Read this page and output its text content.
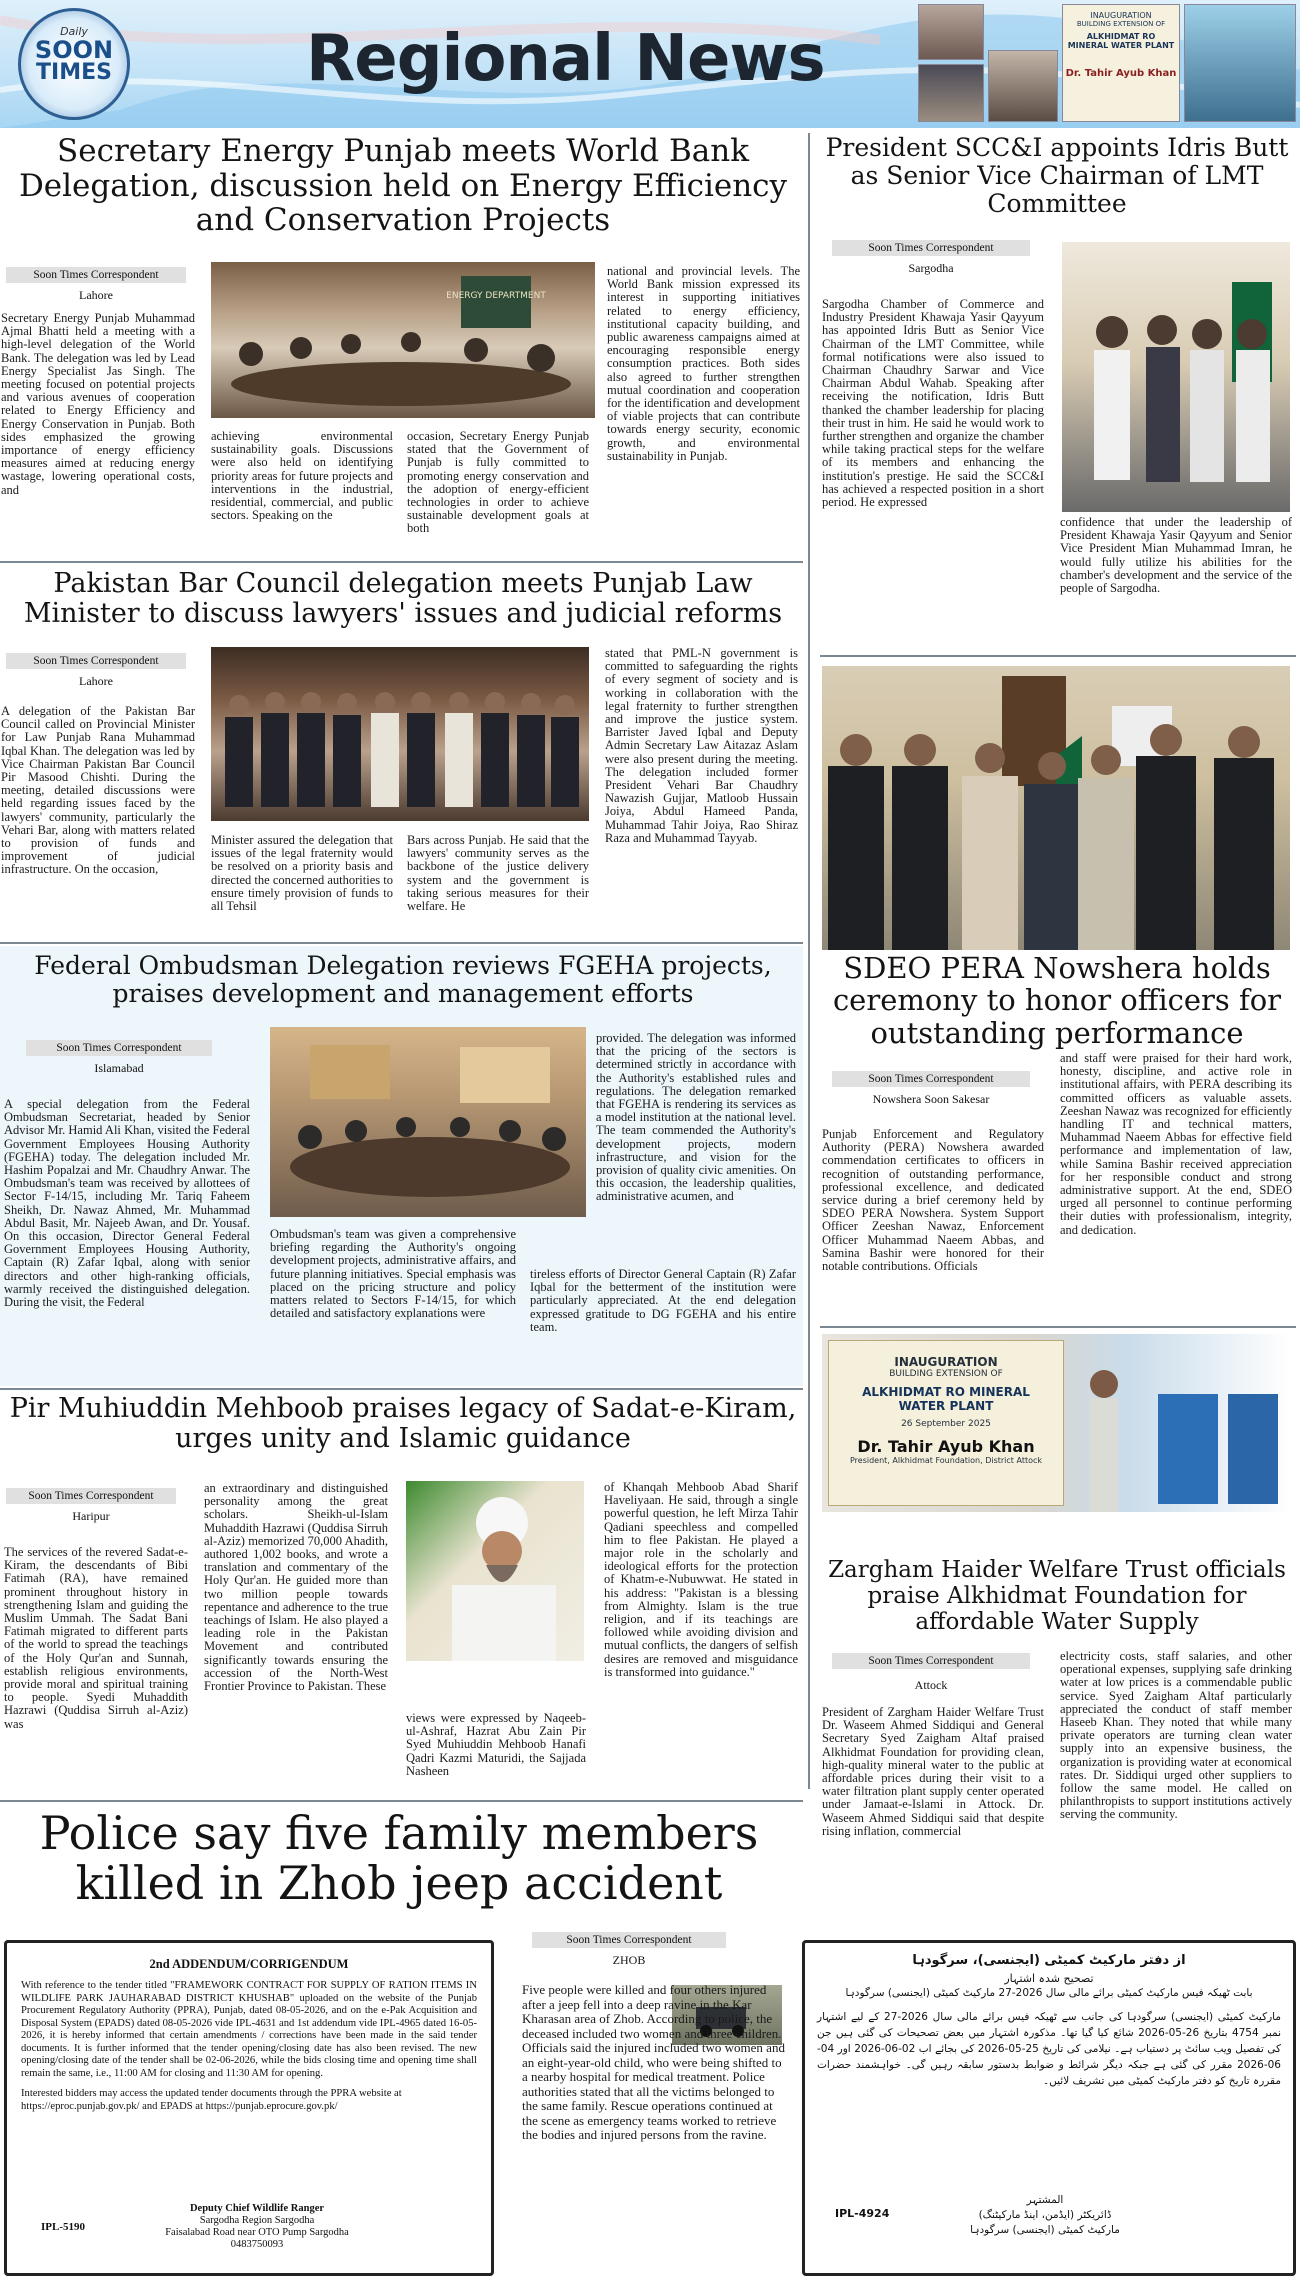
Daily
SOON
TIMES	Regional News
INAUGURATION
BUILDING EXTENSION OF
ALKHIDMAT RO MINERAL WATER PLANT
Dr. Tahir Ayub Khan
Secretary Energy Punjab meets World Bank Delegation, discussion held on Energy Efficiency and Conservation Projects
Soon Times Correspondent
Lahore
Secretary Energy Punjab Muhammad Ajmal Bhatti held a meeting with a high-level delegation of the World Bank. The delegation was led by Lead Energy Specialist Jas Singh. The meeting focused on potential projects and various avenues of cooperation related to Energy Efficiency and Energy Conservation in Punjab. Both sides emphasized the growing importance of energy efficiency measures aimed at reducing energy wastage, lowering operational costs, and
ENERGY DEPARTMENT
achieving environmental sustainability goals. Discussions were also held on identifying priority areas for future projects and interventions in the industrial, residential, commercial, and public sectors. Speaking on the
occasion, Secretary Energy Punjab stated that the Government of Punjab is fully committed to promoting energy conservation and the adoption of energy-efficient technologies in order to achieve sustainable development goals at both
national and provincial levels. The World Bank mission expressed its interest in supporting initiatives related to energy efficiency, institutional capacity building, and public awareness campaigns aimed at encouraging responsible energy consumption practices. Both sides also agreed to further strengthen mutual coordination and cooperation for the identification and development of viable projects that can contribute towards energy security, economic growth, and environmental sustainability in Punjab.
President SCC&I appoints Idris Butt as Senior Vice Chairman of LMT Committee
Soon Times Correspondent
Sargodha
Sargodha Chamber of Commerce and Industry President Khawaja Yasir Qayyum has appointed Idris Butt as Senior Vice Chairman of the LMT Committee, while formal notifications were also issued to Chairman Chaudhry Sarwar and Vice Chairman Abdul Wahab. Speaking after receiving the notification, Idris Butt thanked the chamber leadership for placing their trust in him. He said he would work to further strengthen and organize the chamber while taking practical steps for the welfare of its members and enhancing the institution's prestige. He said the SCC&I has achieved a respected position in a short period. He expressed
confidence that under the leadership of President Khawaja Yasir Qayyum and Senior Vice President Mian Muhammad Imran, he would fully utilize his abilities for the chamber's development and the service of the people of Sargodha.
Pakistan Bar Council delegation meets Punjab Law Minister to discuss lawyers' issues and judicial reforms
Soon Times Correspondent
Lahore
A delegation of the Pakistan Bar Council called on Provincial Minister for Law Punjab Rana Muhammad Iqbal Khan. The delegation was led by Vice Chairman Pakistan Bar Council Pir Masood Chishti. During the meeting, detailed discussions were held regarding issues faced by the lawyers' community, particularly the Vehari Bar, along with matters related to provision of funds and improvement of judicial infrastructure. On the occasion,
Minister assured the delegation that issues of the legal fraternity would be resolved on a priority basis and directed the concerned authorities to ensure timely provision of funds to all Tehsil
Bars across Punjab. He said that the lawyers' community serves as the backbone of the justice delivery system and the government is taking serious measures for their welfare. He
stated that PML-N government is committed to safeguarding the rights of every segment of society and is working in collaboration with the legal fraternity to further strengthen and improve the justice system. Barrister Javed Iqbal and Deputy Admin Secretary Law Aitazaz Aslam were also present during the meeting. The delegation included former President Vehari Bar Chaudhry Nawazish Gujjar, Matloob Hussain Joiya, Abdul Hameed Panda, Muhammad Tahir Joiya, Rao Shiraz Raza and Muhammad Tayyab.
SDEO PERA Nowshera holds ceremony to honor officers for outstanding performance
Soon Times Correspondent
Nowshera Soon Sakesar
Punjab Enforcement and Regulatory Authority (PERA) Nowshera awarded commendation certificates to officers in recognition of outstanding performance, professional excellence, and dedicated service during a brief ceremony held by SDEO PERA Nowshera. System Support Officer Zeeshan Nawaz, Enforcement Officer Muhammad Naeem Abbas, and Samina Bashir were honored for their notable contributions. Officials
and staff were praised for their hard work, honesty, discipline, and active role in institutional affairs, with PERA describing its committed officers as valuable assets. Zeeshan Nawaz was recognized for efficiently handling IT and technical matters, Muhammad Naeem Abbas for effective field performance and implementation of law, while Samina Bashir received appreciation for her responsible conduct and strong administrative support. At the end, SDEO urged all personnel to continue performing their duties with professionalism, integrity, and dedication.
Federal Ombudsman Delegation reviews FGEHA projects, praises development and management efforts
Soon Times Correspondent
Islamabad
A special delegation from the Federal Ombudsman Secretariat, headed by Senior Advisor Mr. Hamid Ali Khan, visited the Federal Government Employees Housing Authority (FGEHA) today. The delegation included Mr. Hashim Popalzai and Mr. Chaudhry Anwar. The Ombudsman's team was received by allottees of Sector F-14/15, including Mr. Tariq Faheem Sheikh, Dr. Nawaz Ahmed, Mr. Muhammad Abdul Basit, Mr. Najeeb Awan, and Dr. Yousaf. On this occasion, Director General Federal Government Employees Housing Authority, Captain (R) Zafar Iqbal, along with senior directors and other high-ranking officials, warmly received the distinguished delegation. During the visit, the Federal
Ombudsman's team was given a comprehensive briefing regarding the Authority's ongoing development projects, administrative affairs, and future planning initiatives. Special emphasis was placed on the pricing structure and policy matters related to Sectors F-14/15, for which detailed and satisfactory explanations were
tireless efforts of Director General Captain (R) Zafar Iqbal for the betterment of the institution were particularly appreciated. At the end delegation expressed gratitude to DG FGEHA and his entire team.
provided. The delegation was informed that the pricing of the sectors is determined strictly in accordance with the Authority's established rules and regulations. The delegation remarked that FGEHA is rendering its services as a model institution at the national level. The team commended the Authority's development projects, modern infrastructure, and vision for the provision of quality civic amenities. On this occasion, the leadership qualities, administrative acumen, and
Pir Muhiuddin Mehboob praises legacy of Sadat-e-Kiram, urges unity and Islamic guidance
Soon Times Correspondent
Haripur
The services of the revered Sadat-e-Kiram, the descendants of Bibi Fatimah (RA), have remained prominent throughout history in strengthening Islam and guiding the Muslim Ummah. The Sadat Bani Fatimah migrated to different parts of the world to spread the teachings of the Holy Qur'an and Sunnah, establish religious environments, provide moral and spiritual training to people. Syedi Muhaddith Hazrawi (Quddisa Sirruh al-Aziz) was
an extraordinary and distinguished personality among the great scholars. Sheikh-ul-Islam Muhaddith Hazrawi (Quddisa Sirruh al-Aziz) memorized 70,000 Ahadith, authored 1,002 books, and wrote a translation and commentary of the Holy Qur'an. He guided more than two million people towards repentance and adherence to the true teachings of Islam. He also played a leading role in the Pakistan Movement and contributed significantly towards ensuring the accession of the North-West Frontier Province to Pakistan. These
views were expressed by Naqeeb-ul-Ashraf, Hazrat Abu Zain Pir Syed Muhiuddin Mehboob Hanafi Qadri Kazmi Maturidi, the Sajjada Nasheen
of Khanqah Mehboob Abad Sharif Haveliyaan. He said, through a single powerful question, he left Mirza Tahir Qadiani speechless and compelled him to flee Pakistan. He played a major role in the scholarly and ideological efforts for the protection of Khatm-e-Nubuwwat. He stated in his address: "Pakistan is a blessing from Almighty. Islam is the true religion, and if its teachings are followed while avoiding division and mutual conflicts, the dangers of selfish desires are removed and misguidance is transformed into guidance."
INAUGURATION
BUILDING EXTENSION OF
ALKHIDMAT RO MINERAL WATER PLANT
26 September 2025
Dr. Tahir Ayub Khan
President, Alkhidmat Foundation, District Attock
Zargham Haider Welfare Trust officials praise Alkhidmat Foundation for affordable Water Supply
Soon Times Correspondent
Attock
President of Zargham Haider Welfare Trust Dr. Waseem Ahmed Siddiqui and General Secretary Syed Zaigham Altaf praised Alkhidmat Foundation for providing clean, high-quality mineral water to the public at affordable prices during their visit to a water filtration plant supply center operated under Jamaat-e-Islami in Attock. Dr. Waseem Ahmed Siddiqui said that despite rising inflation, commercial
electricity costs, staff salaries, and other operational expenses, supplying safe drinking water at low prices is a commendable public service. Syed Zaigham Altaf particularly appreciated the conduct of staff member Haseeb Khan. They noted that while many private operators are turning clean water supply into an expensive business, the organization is providing water at economical rates. Dr. Siddiqui urged other suppliers to follow the same model. He called on philanthropists to support institutions actively serving the community.
Police say five family members killed in Zhob jeep accident
Soon Times Correspondent
ZHOB
Five people were killed and four others injured after a jeep fell into a deep ravine in the Kar Kharasan area of Zhob. According to police, the deceased included two women and three children. Officials said the injured included two women and an eight-year-old child, who were being shifted to a nearby hospital for medical treatment. Police authorities stated that all the victims belonged to the same family. Rescue operations continued at the scene as emergency teams worked to retrieve the bodies and injured persons from the ravine.
2nd ADDENDUM/CORRIGENDUM
With reference to the tender titled "FRAMEWORK CONTRACT FOR SUPPLY OF RATION ITEMS IN WILDLIFE PARK JAUHARABAD DISTRICT KHUSHAB" uploaded on the website of the Punjab Procurement Regulatory Authority (PPRA), Punjab, dated 08-05-2026, and on the e-Pak Acquisition and Disposal System (EPADS) dated 08-05-2026 vide IPL-4631 and 1st addendum vide IPL-4965 dated 16-05-2026, it is hereby informed that certain amendments / corrections have been made in the said tender documents. It is further informed that the tender opening/closing date has also been revised. The new opening/closing date of the tender shall be 02-06-2026, while the bids closing time and opening time shall remain the same, i.e., 11:00 AM for closing and 11:30 AM for opening.
Interested bidders may access the updated tender documents through the PPRA website at https://eproc.punjab.gov.pk/ and EPADS at https://punjab.eprocure.gov.pk/
IPL-5190
Deputy Chief Wildlife Ranger
Sargodha Region Sargodha
Faisalabad Road near OTO Pump Sargodha
0483750093
از دفتر مارکیٹ کمیٹی (ایجنسی)، سرگودہا
تصحیح شدہ اشتہار
بابت ٹھیکہ فیس مارکیٹ کمیٹی برائے مالی سال 2026-27 مارکیٹ کمیٹی (ایجنسی) سرگودہا
مارکیٹ کمیٹی (ایجنسی) سرگودہا کی جانب سے ٹھیکہ فیس برائے مالی سال 2026-27 کے لیے اشتہار نمبر 4754 بتاریخ 26-05-2026 شائع کیا گیا تھا۔ مذکورہ اشتہار میں بعض تصحیحات کی گئی ہیں جن کی تفصیل ویب سائٹ پر دستیاب ہے۔ نیلامی کی تاریخ 25-05-2026 کی بجائے اب 02-06-2026 اور 04-06-2026 مقرر کی گئی ہے جبکہ دیگر شرائط و ضوابط بدستور سابقہ رہیں گی۔ خواہشمند حضرات مقررہ تاریخ کو دفتر مارکیٹ کمیٹی میں تشریف لائیں۔
IPL-4924
المشتہر
ڈائریکٹر (ایڈمن، اینڈ مارکیٹنگ)
مارکیٹ کمیٹی (ایجنسی) سرگودہا
